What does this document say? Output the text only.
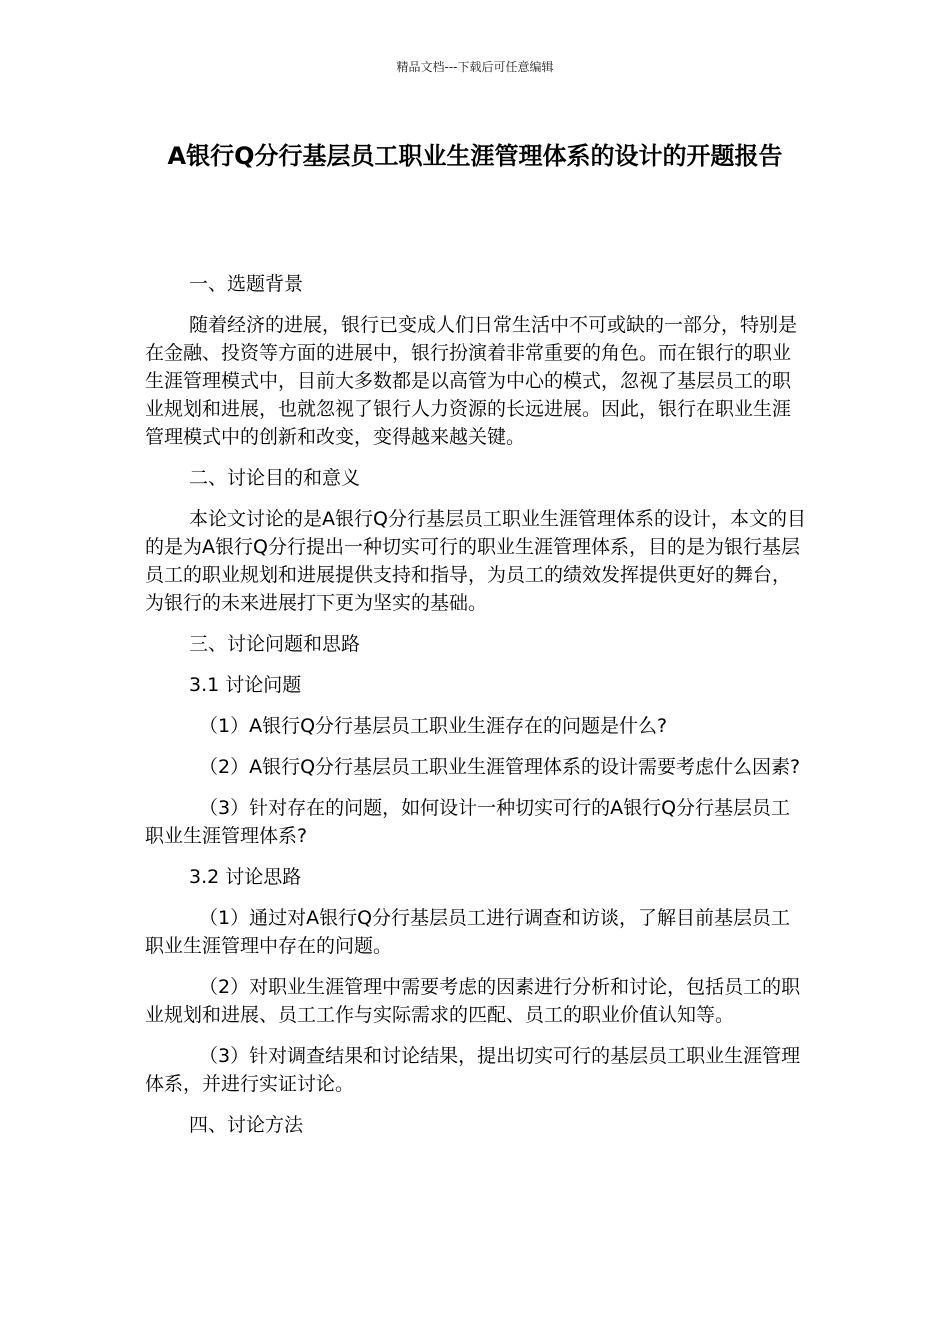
精品文档---下载后可任意编辑
A银行Q分行基层员工职业生涯管理体系的设计的开题报告

一、选题背景

随着经济的进展，银行已变成人们日常生活中不可或缺的一部分，特别是在金融、投资等方面的进展中，银行扮演着非常重要的角色。而在银行的职业生涯管理模式中，目前大多数都是以高管为中心的模式，忽视了基层员工的职业规划和进展，也就忽视了银行人力资源的长远进展。因此，银行在职业生涯管理模式中的创新和改变，变得越来越关键。

二、讨论目的和意义

本论文讨论的是A银行Q分行基层员工职业生涯管理体系的设计，本文的目的是为A银行Q分行提出一种切实可行的职业生涯管理体系，目的是为银行基层员工的职业规划和进展提供支持和指导，为员工的绩效发挥提供更好的舞台，为银行的未来进展打下更为坚实的基础。

三、讨论问题和思路

3.1 讨论问题

（1）A银行Q分行基层员工职业生涯存在的问题是什么?

（2）A银行Q分行基层员工职业生涯管理体系的设计需要考虑什么因素?

（3）针对存在的问题，如何设计一种切实可行的A银行Q分行基层员工职业生涯管理体系?

3.2 讨论思路

（1）通过对A银行Q分行基层员工进行调查和访谈，了解目前基层员工职业生涯管理中存在的问题。

（2）对职业生涯管理中需要考虑的因素进行分析和讨论，包括员工的职业规划和进展、员工工作与实际需求的匹配、员工的职业价值认知等。

（3）针对调查结果和讨论结果，提出切实可行的基层员工职业生涯管理体系，并进行实证讨论。

四、讨论方法
